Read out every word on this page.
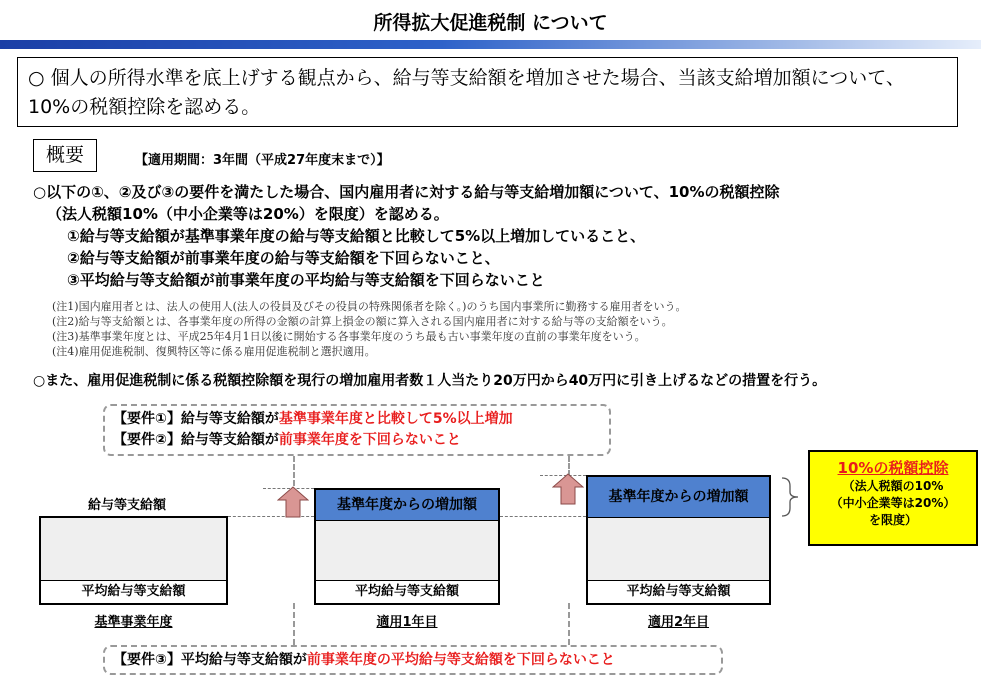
所得拡大促進税制 について
○ 個人の所得水準を底上げする観点から、給与等支給額を増加させた場合、当該支給増加額について、10%の税額控除を認める。
概要	【適用期間：3年間（平成27年度末まで）】
○以下の①、②及び③の要件を満たした場合、国内雇用者に対する給与等支給増加額について、10%の税額控除
（法人税額10%（中小企業等は20%）を限度）を認める。
①給与等支給額が基準事業年度の給与等支給額と比較して5%以上増加していること、
②給与等支給額が前事業年度の給与等支給額を下回らないこと、
③平均給与等支給額が前事業年度の平均給与等支給額を下回らないこと
(注1)国内雇用者とは、法人の使用人(法人の役員及びその役員の特殊関係者を除く。)のうち国内事業所に勤務する雇用者をいう。
(注2)給与等支給額とは、各事業年度の所得の金額の計算上損金の額に算入される国内雇用者に対する給与等の支給額をいう。
(注3)基準事業年度とは、平成25年4月1日以後に開始する各事業年度のうち最も古い事業年度の直前の事業年度をいう。
(注4)雇用促進税制、復興特区等に係る雇用促進税制と選択適用。
○また、雇用促進税制に係る税額控除額を現行の増加雇用者数１人当たり20万円から40万円に引き上げるなどの措置を行う。
【要件①】給与等支給額が基準事業年度と比較して5%以上増加
【要件②】給与等支給額が前事業年度を下回らないこと
給与等支給額
平均給与等支給額
基準事業年度
基準年度からの増加額
平均給与等支給額
適用1年目
基準年度からの増加額
平均給与等支給額
適用2年目
10%の税額控除
（法人税額の10%
（中小企業等は20%）
を限度）
【要件③】平均給与等支給額が前事業年度の平均給与等支給額を下回らないこと
